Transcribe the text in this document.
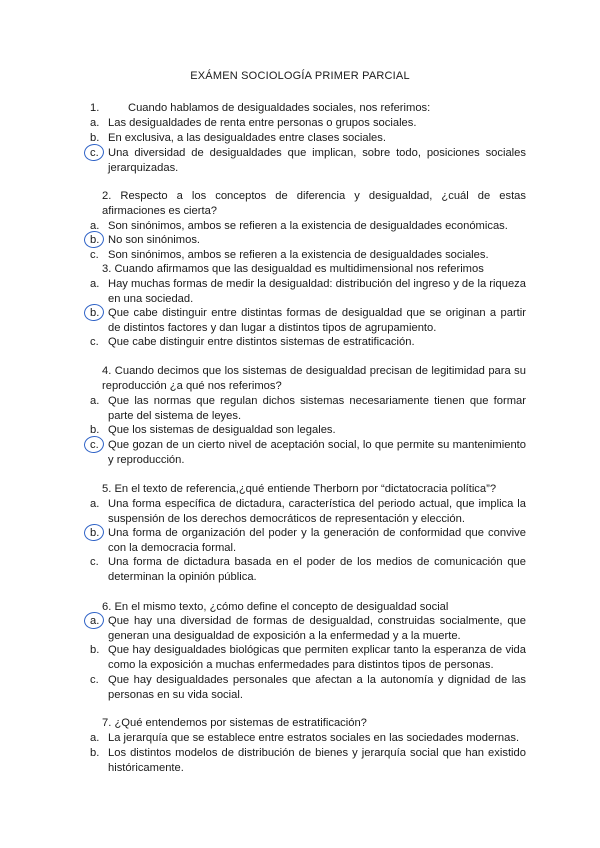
EXÁMEN SOCIOLOGÍA PRIMER PARCIAL
1.	Cuando hablamos de desigualdades sociales, nos referimos:
a. Las desigualdades de renta entre personas o grupos sociales.
b. En exclusiva, a las desigualdades entre clases sociales.
c. Una diversidad de desigualdades que implican, sobre todo, posiciones sociales jerarquizadas.
2. Respecto a los conceptos de diferencia y desigualdad, ¿cuál de estas afirmaciones es cierta?
a. Son sinónimos, ambos se refieren a la existencia de desigualdades económicas.
b. No son sinónimos.
c. Son sinónimos, ambos se refieren a la existencia de desigualdades sociales.
3. Cuando afirmamos que las desigualdad es multidimensional nos referimos
a. Hay muchas formas de medir la desigualdad: distribución del ingreso y de la riqueza en una sociedad.
b. Que cabe distinguir entre distintas formas de desigualdad que se originan a partir de distintos factores y dan lugar a distintos tipos de agrupamiento.
c. Que cabe distinguir entre distintos sistemas de estratificación.
4. Cuando decimos que los sistemas de desigualdad precisan de legitimidad para su reproducción ¿a qué nos referimos?
a. Que las normas que regulan dichos sistemas necesariamente tienen que formar parte del sistema de leyes.
b. Que los sistemas de desigualdad son legales.
c. Que gozan de un cierto nivel de aceptación social, lo que permite su mantenimiento y reproducción.
5. En el texto de referencia,¿qué entiende Therborn por “dictatocracia política”?
a. Una forma específica de dictadura, característica del periodo actual, que implica la suspensión de los derechos democráticos de representación y elección.
b. Una forma de organización del poder y la generación de conformidad que convive con la democracia formal.
c. Una forma de dictadura basada en el poder de los medios de comunicación que determinan la opinión pública.
6. En el mismo texto, ¿cómo define el concepto de desigualdad social
a. Que hay una diversidad de formas de desigualdad, construidas socialmente, que generan una desigualdad de exposición a la enfermedad y a la muerte.
b. Que hay desigualdades biológicas que permiten explicar tanto la esperanza de vida como la exposición a muchas enfermedades para distintos tipos de personas.
c. Que hay desigualdades personales que afectan a la autonomía y dignidad de las personas en su vida social.
7. ¿Qué entendemos por sistemas de estratificación?
a. La jerarquía que se establece entre estratos sociales en las sociedades modernas.
b. Los distintos modelos de distribución de bienes y jerarquía social que han existido históricamente.
